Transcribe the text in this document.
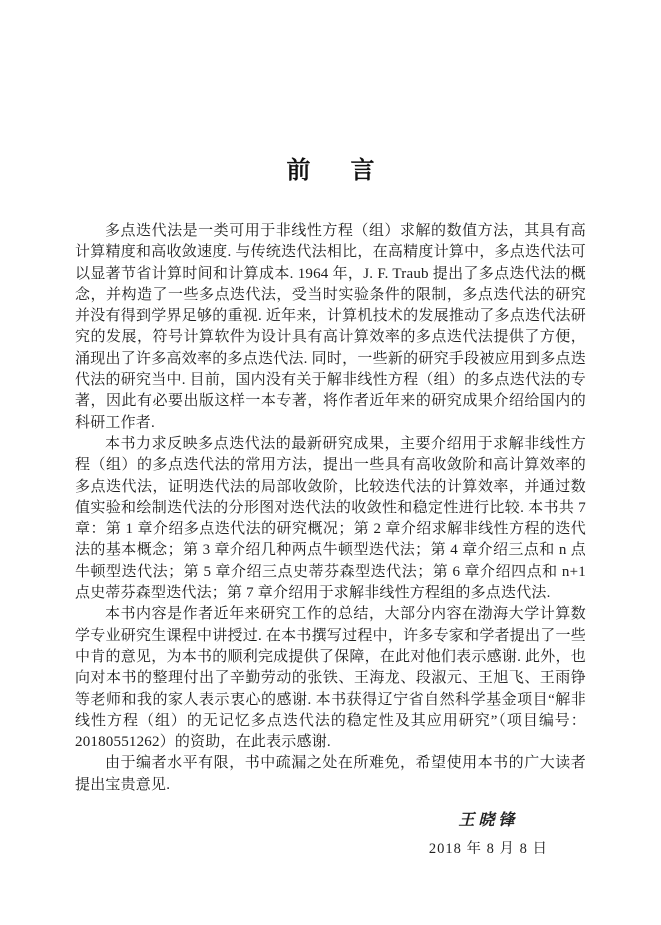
前　言

多点迭代法是一类可用于非线性方程（组）求解的数值方法，其具有高计算精度和高收敛速度. 与传统迭代法相比，在高精度计算中，多点迭代法可以显著节省计算时间和计算成本. 1964 年，J. F. Traub 提出了多点迭代法的概念，并构造了一些多点迭代法，受当时实验条件的限制，多点迭代法的研究并没有得到学界足够的重视. 近年来，计算机技术的发展推动了多点迭代法研究的发展，符号计算软件为设计具有高计算效率的多点迭代法提供了方便，涌现出了许多高效率的多点迭代法. 同时，一些新的研究手段被应用到多点迭代法的研究当中. 目前，国内没有关于解非线性方程（组）的多点迭代法的专著，因此有必要出版这样一本专著，将作者近年来的研究成果介绍给国内的科研工作者.

本书力求反映多点迭代法的最新研究成果，主要介绍用于求解非线性方程（组）的多点迭代法的常用方法，提出一些具有高收敛阶和高计算效率的多点迭代法，证明迭代法的局部收敛阶，比较迭代法的计算效率，并通过数值实验和绘制迭代法的分形图对迭代法的收敛性和稳定性进行比较. 本书共 7 章：第 1 章介绍多点迭代法的研究概况；第 2 章介绍求解非线性方程的迭代法的基本概念；第 3 章介绍几种两点牛顿型迭代法；第 4 章介绍三点和 n 点牛顿型迭代法；第 5 章介绍三点史蒂芬森型迭代法；第 6 章介绍四点和 n+1 点史蒂芬森型迭代法；第 7 章介绍用于求解非线性方程组的多点迭代法.

本书内容是作者近年来研究工作的总结，大部分内容在渤海大学计算数学专业研究生课程中讲授过. 在本书撰写过程中，许多专家和学者提出了一些中肯的意见，为本书的顺利完成提供了保障，在此对他们表示感谢. 此外，也向对本书的整理付出了辛勤劳动的张铁、王海龙、段淑元、王旭飞、王雨铮等老师和我的家人表示衷心的感谢. 本书获得辽宁省自然科学基金项目“解非线性方程（组）的无记忆多点迭代法的稳定性及其应用研究”（项目编号：20180551262）的资助，在此表示感谢.

由于编者水平有限，书中疏漏之处在所难免，希望使用本书的广大读者提出宝贵意见.

王晓锋
2018 年 8 月 8 日
